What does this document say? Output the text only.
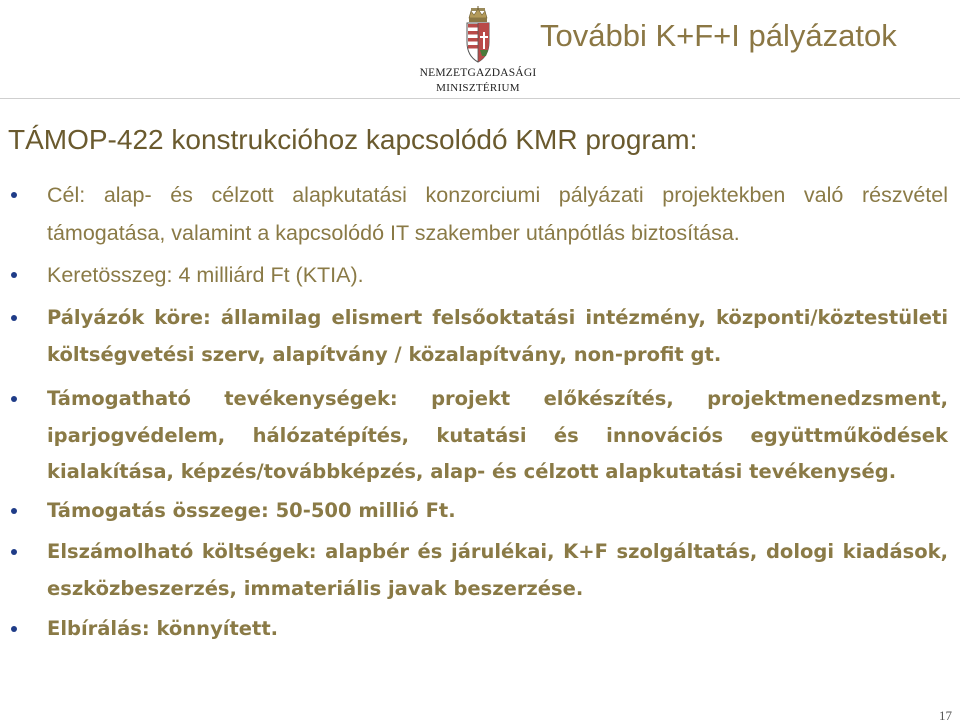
További K+F+I pályázatok
NEMZETGAZDASÁGI
MINISZTÉRIUM
TÁMOP-422 konstrukcióhoz kapcsolódó KMR program:
Cél: alap- és célzott alapkutatási konzorciumi pályázati projektekben való részvétel támogatása, valamint a kapcsolódó IT szakember utánpótlás biztosítása.
Keretösszeg: 4 milliárd Ft (KTIA).
Pályázók köre: államilag elismert felsőoktatási intézmény, központi/köztestületi költségvetési szerv, alapítvány / közalapítvány, non-profit gt.
Támogatható tevékenységek: projekt előkészítés, projektmenedzsment, iparjogvédelem, hálózatépítés, kutatási és innovációs együttműködések kialakítása, képzés/továbbképzés, alap- és célzott alapkutatási tevékenység.
Támogatás összege: 50-500 millió Ft.
Elszámolható költségek: alapbér és járulékai, K+F szolgáltatás, dologi kiadások, eszközbeszerzés, immateriális javak beszerzése.
Elbírálás: könnyített.
17
